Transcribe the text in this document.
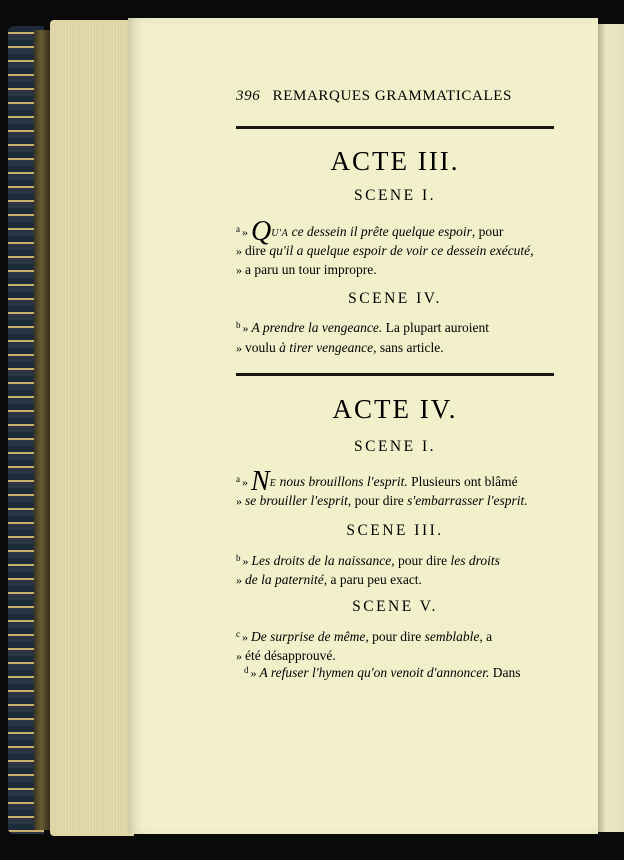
396 REMARQUES GRAMMATICALES
ACTE III.
SCENE I.
$^a$ » QU'A ce dessein il prête quelque espoir, pour
» dire qu'il a quelque espoir de voir ce dessein exécuté,
» a paru un tour impropre.
SCENE IV.
$^b$ » A prendre la vengeance. La plupart auroient
» voulu à tirer vengeance, sans article.
ACTE IV.
SCENE I.
$^a$ » NE nous brouillons l'esprit. Plusieurs ont blâmé
» se brouiller l'esprit, pour dire s'embarrasser l'esprit.
SCENE III.
$^b$ » Les droits de la naissance, pour dire les droits
» de la paternité, a paru peu exact.
SCENE V.
$^c$ » De surprise de même, pour dire semblable, a
» été désapprouvé.
$^d$ » A refuser l'hymen qu'on venoit d'annoncer. Dans
